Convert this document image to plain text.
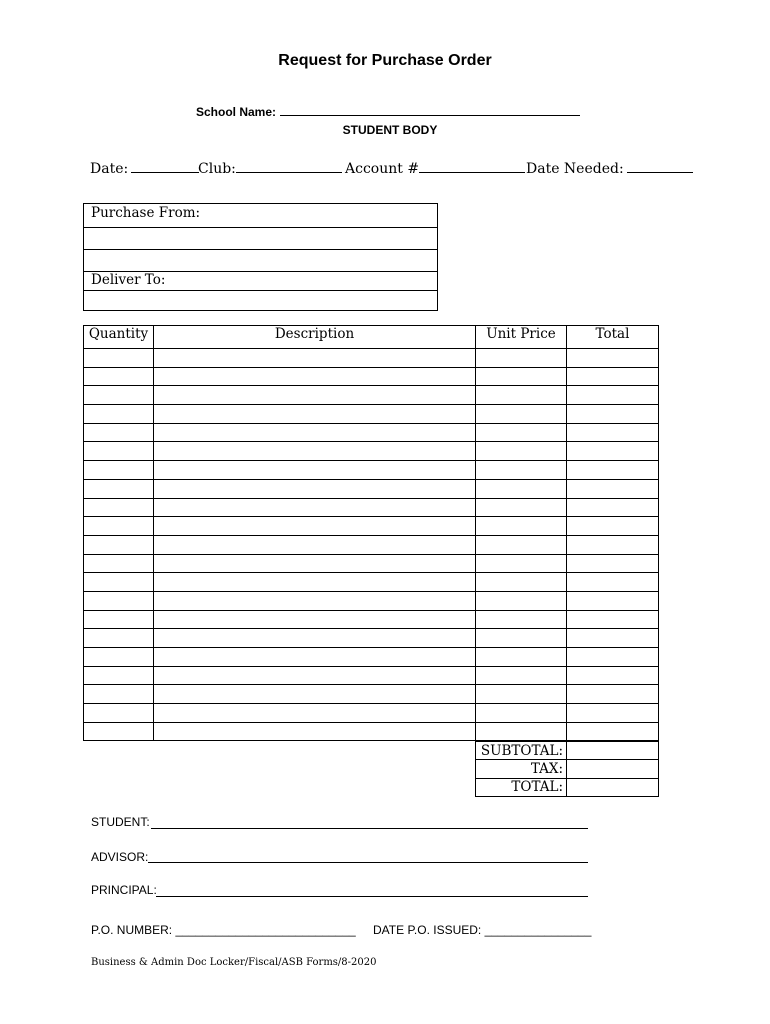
Request for Purchase Order
School Name:
STUDENT BODY
Date:	Club:	Account #	Date Needed:
Purchase From:
Deliver To:
Quantity	Description	Unit Price	Total

SUBTOTAL:	
TAX:	
TOTAL:	
STUDENT:
ADVISOR:
PRINCIPAL:
P.O. NUMBER: ___________________________ DATE P.O. ISSUED: ________________
Business & Admin Doc Locker/Fiscal/ASB Forms/8-2020
